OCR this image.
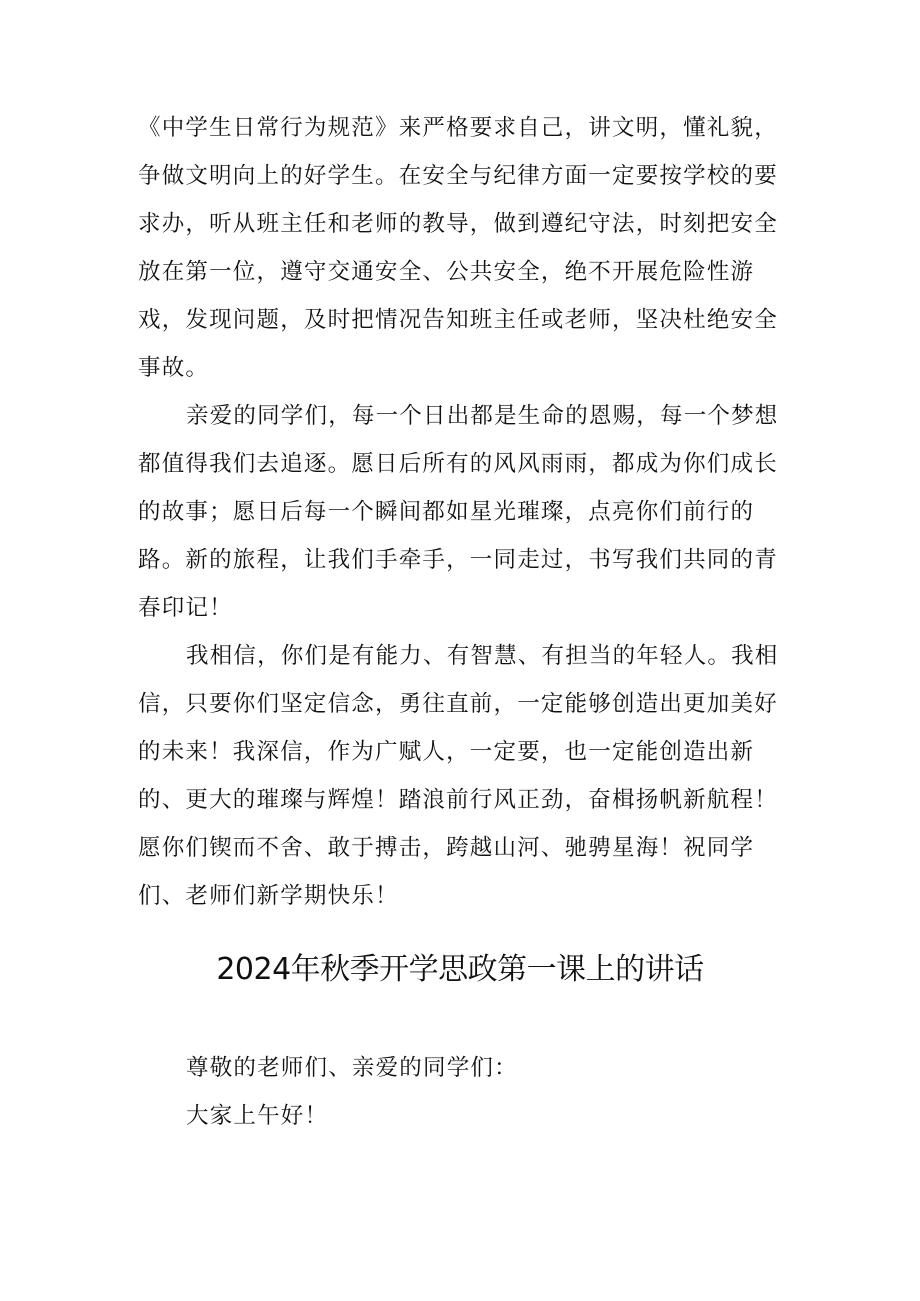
《中学生日常行为规范》来严格要求自己，讲文明，懂礼貌，争做文明向上的好学生。在安全与纪律方面一定要按学校的要求办，听从班主任和老师的教导，做到遵纪守法，时刻把安全放在第一位，遵守交通安全、公共安全，绝不开展危险性游戏，发现问题，及时把情况告知班主任或老师，坚决杜绝安全事故。

亲爱的同学们，每一个日出都是生命的恩赐，每一个梦想都值得我们去追逐。愿日后所有的风风雨雨，都成为你们成长的故事；愿日后每一个瞬间都如星光璀璨，点亮你们前行的路。新的旅程，让我们手牵手，一同走过，书写我们共同的青春印记！

我相信，你们是有能力、有智慧、有担当的年轻人。我相信，只要你们坚定信念，勇往直前，一定能够创造出更加美好的未来！我深信，作为广赋人，一定要，也一定能创造出新的、更大的璀璨与辉煌！踏浪前行风正劲，奋楫扬帆新航程！愿你们锲而不舍、敢于搏击，跨越山河、驰骋星海！祝同学们、老师们新学期快乐！

2024年秋季开学思政第一课上的讲话

尊敬的老师们、亲爱的同学们：

大家上午好！
